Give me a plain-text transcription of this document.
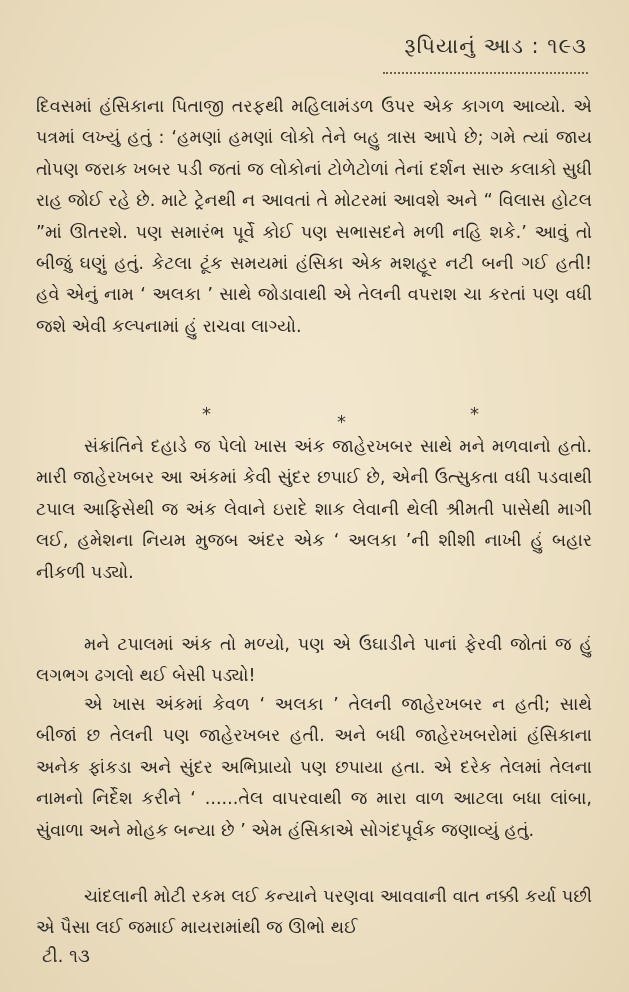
રૂપિયાનું આડ : ૧૯૩

દિવસમાં હંસિકાના પિતાજી તરફથી મહિલામંડળ ઉપર એક કાગળ આવ્યો. એ પત્રમાં લખ્યું હતું : ‘હમણાં હમણાં લોકો તેને બહુ ત્રાસ આપે છે; ગમે ત્યાં જાય તોપણ જરાક ખબર પડી જતાં જ લોકોનાં ટોળેટોળાં તેનાં દર્શન સારુ કલાકો સુધી રાહ જોઈ રહે છે. માટે ટ્રેનથી ન આવતાં તે મોટરમાં આવશે અને “ વિલાસ હોટલ ”માં ઊતરશે. પણ સમારંભ પૂર્વે કોઈ પણ સભાસદને મળી નહિ શકે.’ આવું તો બીજું ઘણું હતું. કેટલા ટૂંક સમયમાં હંસિકા એક મશહૂર નટી બની ગઈ હતી! હવે એનું નામ ‘ અલકા ’ સાથે જોડાવાથી એ તેલની વપરાશ ચા કરતાં પણ વધી જશે એવી કલ્પનામાં હું રાચવા લાગ્યો.

*	*	*

સંક્રાંતિને દહાડે જ પેલો ખાસ અંક જાહેરખબર સાથે મને મળવાનો હતો. મારી જાહેરખબર આ અંકમાં કેવી સુંદર છપાઈ છે, એની ઉત્સુકતા વધી પડવાથી ટપાલ આફિસેથી જ અંક લેવાને ઇરાદે શાક લેવાની થેલી શ્રીમતી પાસેથી માગી લઈ, હમેશના નિયમ મુજબ અંદર એક ‘ અલકા ’ની શીશી નાખી હું બહાર નીકળી પડ્યો.

મને ટપાલમાં અંક તો મળ્યો, પણ એ ઉઘાડીને પાનાં ફેરવી જોતાં જ હું લગભગ ઢગલો થઈ બેસી પડ્યો!

એ ખાસ અંકમાં કેવળ ‘ અલકા ’ તેલની જાહેરખબર ન હતી; સાથે બીજાં છ તેલની પણ જાહેરખબર હતી. અને બધી જાહેરખબરોમાં હંસિકાના અનેક ફાંકડા અને સુંદર અભિપ્રાયો પણ છપાયા હતા. એ દરેક તેલમાં તેલના નામનો નિર્દેશ કરીને ‘ ......તેલ વાપરવાથી જ મારા વાળ આટલા બધા લાંબા, સુંવાળા અને મોહક બન્યા છે ’ એમ હંસિકાએ સોગંદપૂર્વક જણાવ્યું હતું.

ચાંદલાની મોટી રકમ લઈ કન્યાને પરણવા આવવાની વાત નક્કી કર્યા પછી એ પૈસા લઈ જમાઈ માયરામાંથી જ ઊભો થઈ

ટી. ૧૩
